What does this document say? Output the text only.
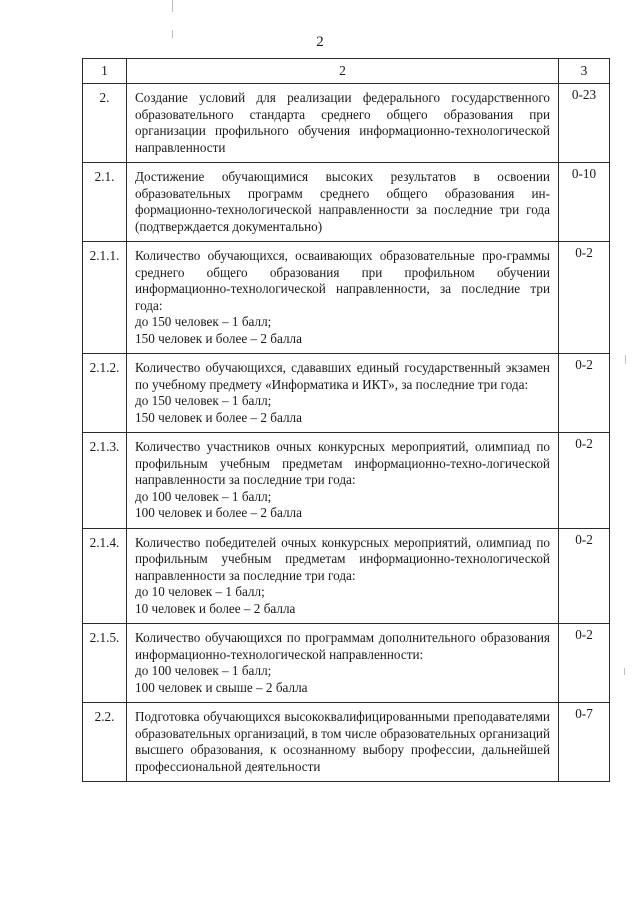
2
1	2	3
2.	Создание условий для реализации федерального государственного образовательного стандарта среднего общего образования при организации профильного обучения информационно-технологической направленности	0-23
2.1.	Достижение обучающимися высоких результатов в освоении образовательных программ среднего общего образования ин-формационно-технологической направленности за последние три года (подтверждается документально)	0-10
2.1.1.	Количество обучающихся, осваивающих образовательные про-граммы среднего общего образования при профильном обучении информационно-технологической направленности, за последние три года:
до 150 человек – 1 балл;
150 человек и более – 2 балла	0-2
2.1.2.	Количество обучающихся, сдававших единый государственный экзамен по учебному предмету «Информатика и ИКТ», за последние три года:
до 150 человек – 1 балл;
150 человек и более – 2 балла	0-2
2.1.3.	Количество участников очных конкурсных мероприятий, олимпиад по профильным учебным предметам информационно-техно-логической направленности за последние три года:
до 100 человек – 1 балл;
100 человек и более – 2 балла	0-2
2.1.4.	Количество победителей очных конкурсных мероприятий, олимпиад по профильным учебным предметам информационно-технологической направленности за последние три года:
до 10 человек – 1 балл;
10 человек и более – 2 балла	0-2
2.1.5.	Количество обучающихся по программам дополнительного образования информационно-технологической направленности:
до 100 человек – 1 балл;
100 человек и свыше – 2 балла	0-2
2.2.	Подготовка обучающихся высококвалифицированными преподавателями образовательных организаций, в том числе образовательных организаций высшего образования, к осознанному выбору профессии, дальнейшей профессиональной деятельности	0-7
